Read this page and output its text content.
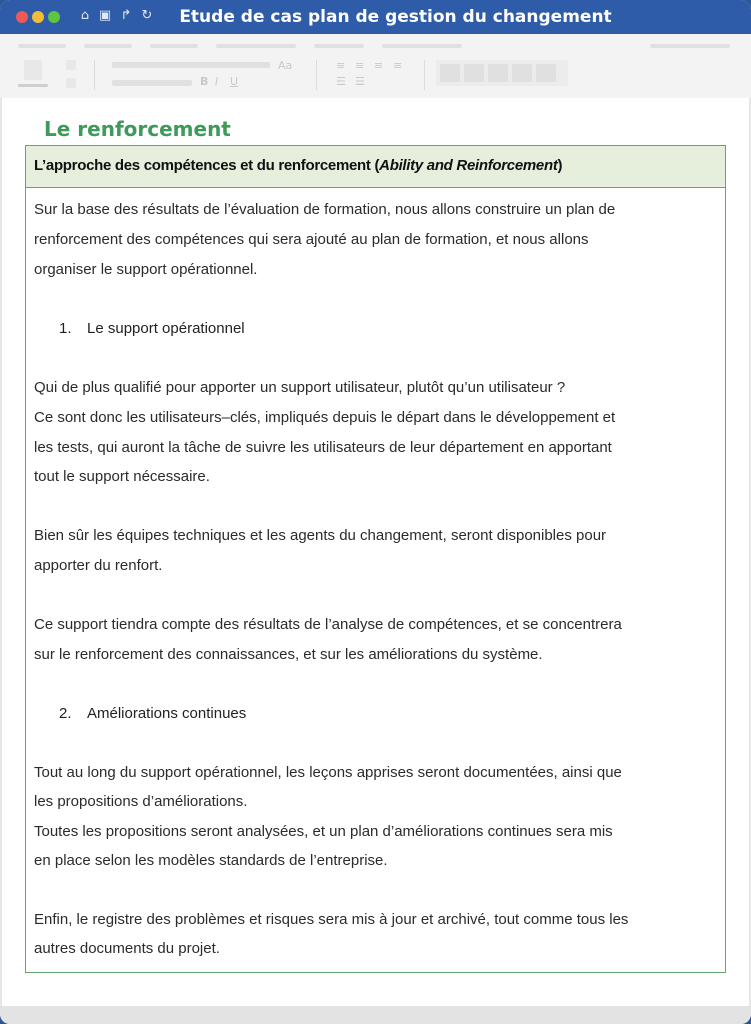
⌂ ▣ ↱ ↻	Etude de cas plan de gestion du changement
Aa
B I U
≡ ≡ ≡ ≡
☰ ☰
Le renforcement
L’approche des compétences et du renforcement (Ability and Reinforcement)
Sur la base des résultats de l’évaluation de formation, nous allons construire un plan de
renforcement des compétences qui sera ajouté au plan de formation, et nous allons
organiser le support opérationnel.
1. Le support opérationnel
Qui de plus qualifié pour apporter un support utilisateur, plutôt qu’un utilisateur ?
Ce sont donc les utilisateurs–clés, impliqués depuis le départ dans le développement et
les tests, qui auront la tâche de suivre les utilisateurs de leur département en apportant
tout le support nécessaire.
Bien sûr les équipes techniques et les agents du changement, seront disponibles pour
apporter du renfort.
Ce support tiendra compte des résultats de l’analyse de compétences, et se concentrera
sur le renforcement des connaissances, et sur les améliorations du système.
2. Améliorations continues
Tout au long du support opérationnel, les leçons apprises seront documentées, ainsi que
les propositions d’améliorations.
Toutes les propositions seront analysées, et un plan d’améliorations continues sera mis
en place selon les modèles standards de l’entreprise.
Enfin, le registre des problèmes et risques sera mis à jour et archivé, tout comme tous les
autres documents du projet.
